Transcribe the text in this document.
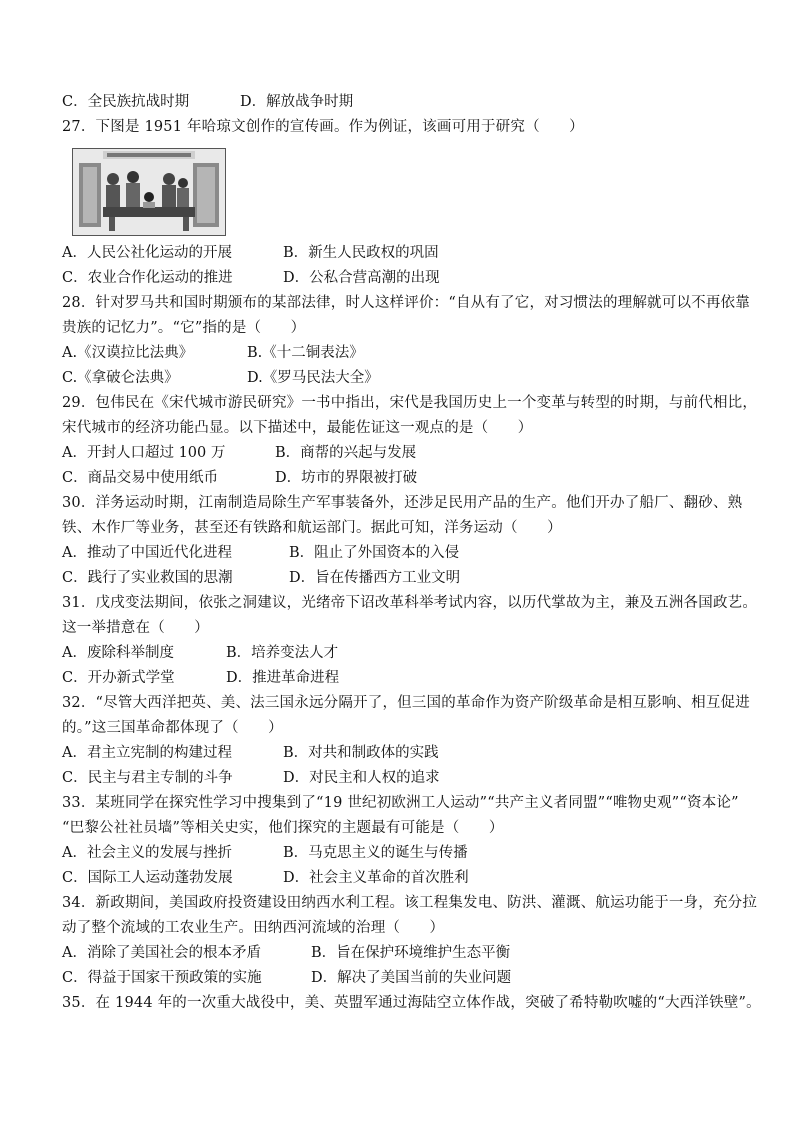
C．全民族抗战时期	D．解放战争时期
27．下图是 1951 年哈琼文创作的宣传画。作为例证，该画可用于研究（　　）
A．人民公社化运动的开展	B．新生人民政权的巩固
C．农业合作化运动的推进	D．公私合营高潮的出现
28．针对罗马共和国时期颁布的某部法律，时人这样评价：“自从有了它，对习惯法的理解就可以不再依靠
贵族的记忆力”。“它”指的是（　　）
A.《汉谟拉比法典》	B.《十二铜表法》
C.《拿破仑法典》	D.《罗马民法大全》
29．包伟民在《宋代城市游民研究》一书中指出，宋代是我国历史上一个变革与转型的时期，与前代相比，
宋代城市的经济功能凸显。以下描述中，最能佐证这一观点的是（　　）
A．开封人口超过 100 万	B．商帮的兴起与发展
C．商品交易中使用纸币	D．坊市的界限被打破
30．洋务运动时期，江南制造局除生产军事装备外，还涉足民用产品的生产。他们开办了船厂、翻砂、熟
铁、木作厂等业务，甚至还有铁路和航运部门。据此可知，洋务运动（　　）
A．推动了中国近代化进程	B．阻止了外国资本的入侵
C．践行了实业救国的思潮	D．旨在传播西方工业文明
31．戊戌变法期间，依张之洞建议，光绪帝下诏改革科举考试内容，以历代掌故为主，兼及五洲各国政艺。
这一举措意在（　　）
A．废除科举制度	B．培养变法人才
C．开办新式学堂	D．推进革命进程
32．“尽管大西洋把英、美、法三国永远分隔开了，但三国的革命作为资产阶级革命是相互影响、相互促进
的。”这三国革命都体现了（　　）
A．君主立宪制的构建过程	B．对共和制政体的实践
C．民主与君主专制的斗争	D．对民主和人权的追求
33．某班同学在探究性学习中搜集到了“19 世纪初欧洲工人运动”“共产主义者同盟”“唯物史观”“资本论”
“巴黎公社社员墙”等相关史实，他们探究的主题最有可能是（　　）
A．社会主义的发展与挫折	B．马克思主义的诞生与传播
C．国际工人运动蓬勃发展	D．社会主义革命的首次胜利
34．新政期间，美国政府投资建设田纳西水利工程。该工程集发电、防洪、灌溉、航运功能于一身，充分拉
动了整个流域的工农业生产。田纳西河流域的治理（　　）
A．消除了美国社会的根本矛盾	B．旨在保护环境维护生态平衡
C．得益于国家干预政策的实施	D．解决了美国当前的失业问题
35．在 1944 年的一次重大战役中，美、英盟军通过海陆空立体作战，突破了希特勒吹嘘的“大西洋铁壁”。
